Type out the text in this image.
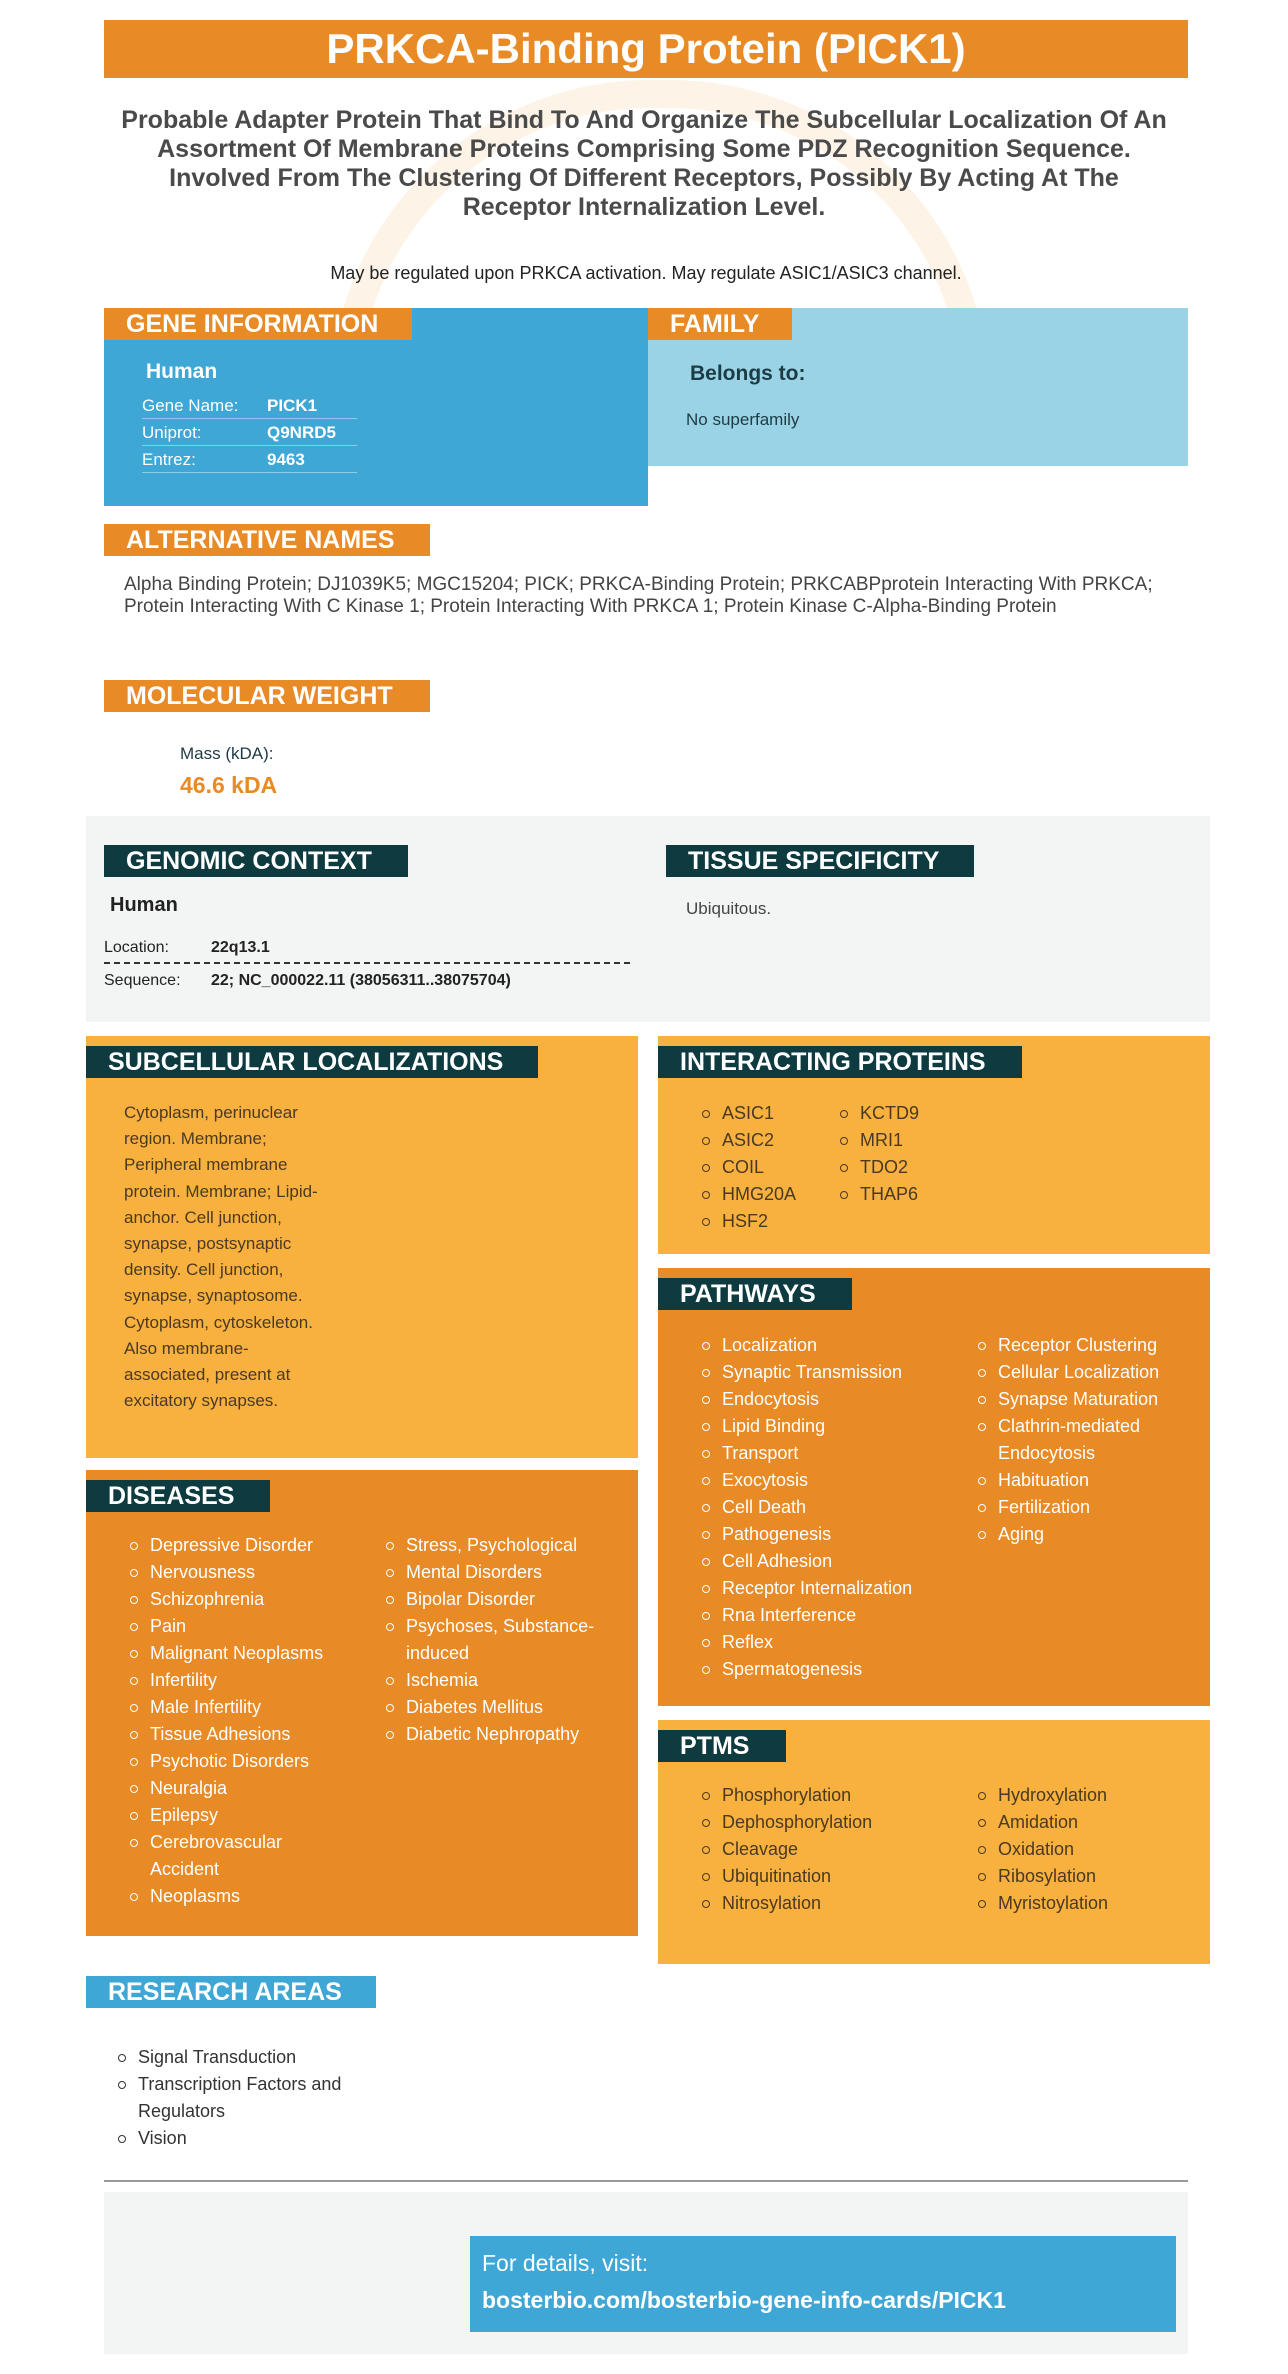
PRKCA-Binding Protein (PICK1)
Probable Adapter Protein That Bind To And Organize The Subcellular Localization Of An Assortment Of Membrane Proteins Comprising Some PDZ Recognition Sequence. Involved From The Clustering Of Different Receptors, Possibly By Acting At The Receptor Internalization Level.
May be regulated upon PRKCA activation. May regulate ASIC1/ASIC3 channel.
GENE INFORMATION
Human
Gene Name:	PICK1
Uniprot:	Q9NRD5
Entrez:	9463
FAMILY
Belongs to:
No superfamily
ALTERNATIVE NAMES
Alpha Binding Protein; DJ1039K5; MGC15204; PICK; PRKCA-Binding Protein; PRKCABPprotein Interacting With PRKCA; Protein Interacting With C Kinase 1; Protein Interacting With PRKCA 1; Protein Kinase C-Alpha-Binding Protein
MOLECULAR WEIGHT
Mass (kDA):
46.6 kDA
GENOMIC CONTEXT
Human
Location:	22q13.1
Sequence:	22; NC_000022.11 (38056311..38075704)
TISSUE SPECIFICITY
Ubiquitous.
SUBCELLULAR LOCALIZATIONS
Cytoplasm, perinuclear
region. Membrane;
Peripheral membrane
protein. Membrane; Lipid-
anchor. Cell junction,
synapse, postsynaptic
density. Cell junction,
synapse, synaptosome.
Cytoplasm, cytoskeleton.
Also membrane-
associated, present at
excitatory synapses.
INTERACTING PROTEINS
ASIC1
ASIC2
COIL
HMG20A
HSF2
KCTD9
MRI1
TDO2
THAP6
PATHWAYS
Localization
Synaptic Transmission
Endocytosis
Lipid Binding
Transport
Exocytosis
Cell Death
Pathogenesis
Cell Adhesion
Receptor Internalization
Rna Interference
Reflex
Spermatogenesis
Receptor Clustering
Cellular Localization
Synapse Maturation
Clathrin-mediated Endocytosis
Habituation
Fertilization
Aging
DISEASES
Depressive Disorder
Nervousness
Schizophrenia
Pain
Malignant Neoplasms
Infertility
Male Infertility
Tissue Adhesions
Psychotic Disorders
Neuralgia
Epilepsy
Cerebrovascular Accident
Neoplasms
Stress, Psychological
Mental Disorders
Bipolar Disorder
Psychoses, Substance-induced
Ischemia
Diabetes Mellitus
Diabetic Nephropathy	PTMS
Phosphorylation
Dephosphorylation
Cleavage
Ubiquitination
Nitrosylation
Hydroxylation
Amidation
Oxidation
Ribosylation
Myristoylation
RESEARCH AREAS
Signal Transduction
Transcription Factors and Regulators
Vision
For details, visit:
bosterbio.com/bosterbio-gene-info-cards/PICK1
